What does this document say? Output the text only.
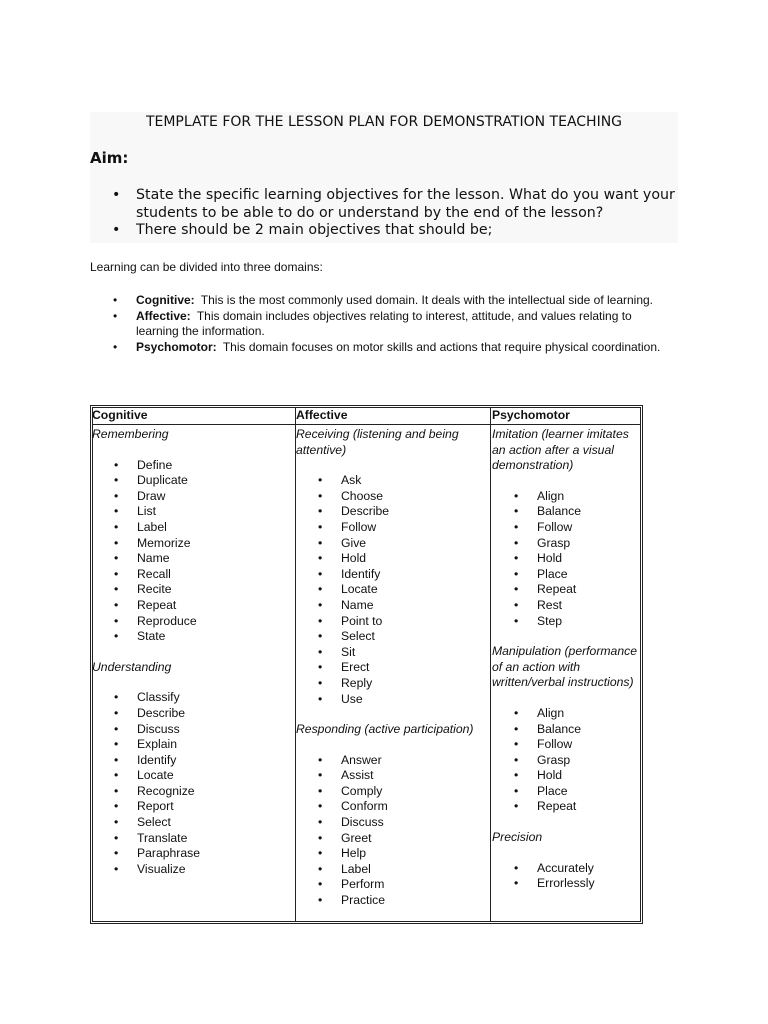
TEMPLATE FOR THE LESSON PLAN FOR DEMONSTRATION TEACHING
Aim:
• State the specific learning objectives for the lesson. What do you want your students to be able to do or understand by the end of the lesson?
• There should be 2 main objectives that should be;
Learning can be divided into three domains:
• Cognitive: This is the most commonly used domain. It deals with the intellectual side of learning.
• Affective: This domain includes objectives relating to interest, attitude, and values relating to learning the information.
• Psychomotor: This domain focuses on motor skills and actions that require physical coordination.
Cognitive
Remembering
• Define
• Duplicate
• Draw
• List
• Label
• Memorize
• Name
• Recall
• Recite
• Repeat
• Reproduce
• State
Understanding
• Classify
• Describe
• Discuss
• Explain
• Identify
• Locate
• Recognize
• Report
• Select
• Translate
• Paraphrase
• Visualize
Affective
Receiving (listening and being attentive)
• Ask
• Choose
• Describe
• Follow
• Give
• Hold
• Identify
• Locate
• Name
• Point to
• Select
• Sit
• Erect
• Reply
• Use
Responding (active participation)
• Answer
• Assist
• Comply
• Conform
• Discuss
• Greet
• Help
• Label
• Perform
• Practice
Psychomotor
Imitation (learner imitates an action after a visual demonstration)
• Align
• Balance
• Follow
• Grasp
• Hold
• Place
• Repeat
• Rest
• Step
Manipulation (performance of an action with written/verbal instructions)
• Align
• Balance
• Follow
• Grasp
• Hold
• Place
• Repeat
Precision
• Accurately
• Errorlessly
